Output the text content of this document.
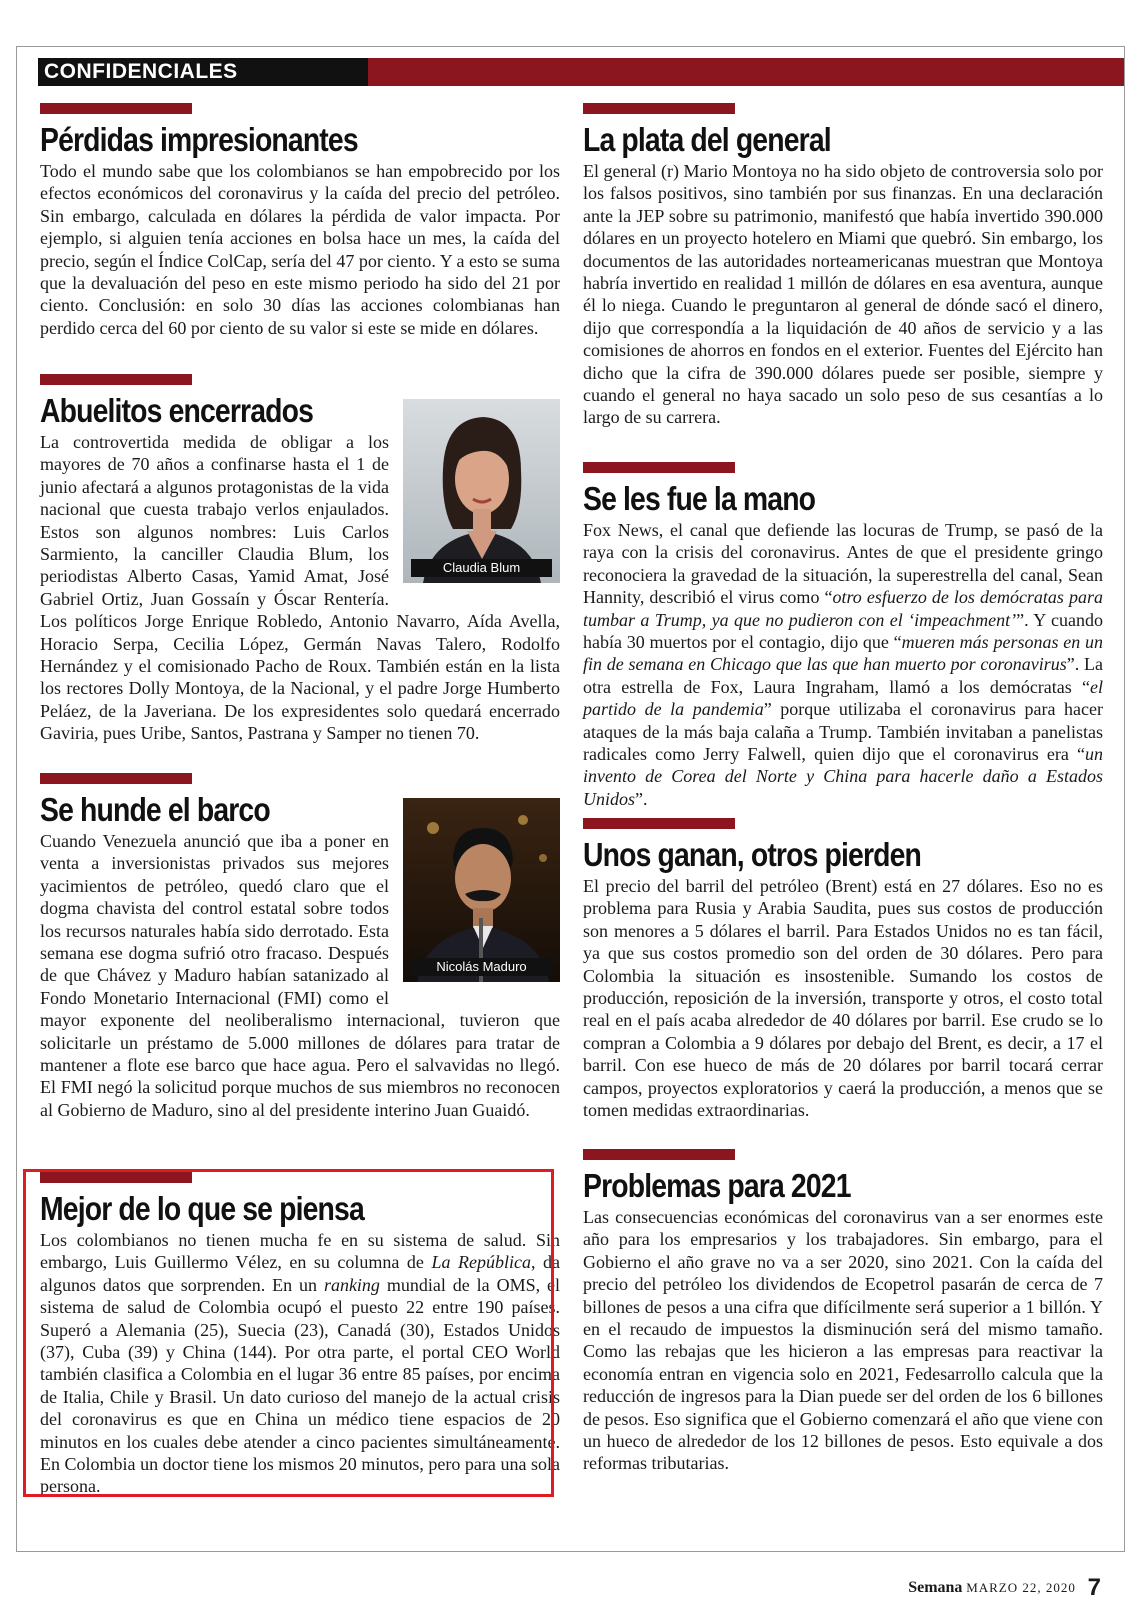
CONFIDENCIALES
Pérdidas impresionantes

Todo el mundo sabe que los colombianos se han empobrecido por los efectos económicos del coronavirus y la caída del precio del petróleo. Sin embargo, calculada en dólares la pérdida de valor impacta. Por ejemplo, si alguien tenía acciones en bolsa hace un mes, la caída del precio, según el Índice ColCap, sería del 47 por ciento. Y a esto se suma que la devaluación del peso en este mismo periodo ha sido del 21 por ciento. Conclusión: en solo 30 días las acciones colombianas han perdido cerca del 60 por ciento de su valor si este se mide en dólares.

Abuelitos encerrados
Claudia Blum

La controvertida medida de obligar a los mayores de 70 años a confinarse hasta el 1 de junio afectará a algunos protagonistas de la vida nacional que cuesta trabajo verlos enjaulados. Estos son algunos nombres: Luis Carlos Sarmiento, la canciller Claudia Blum, los periodistas Alberto Casas, Yamid Amat, José Gabriel Ortiz, Juan Gossaín y Óscar Rentería. Los políticos Jorge Enrique Robledo, Antonio Navarro, Aída Avella, Horacio Serpa, Cecilia López, Germán Navas Talero, Rodolfo Hernández y el comisionado Pacho de Roux. También están en la lista los rectores Dolly Montoya, de la Nacional, y el padre Jorge Humberto Peláez, de la Javeriana. De los expresidentes solo quedará encerrado Gaviria, pues Uribe, Santos, Pastrana y Samper no tienen 70.

Se hunde el barco
Nicolás Maduro

Cuando Venezuela anunció que iba a poner en venta a inversionistas privados sus mejores yacimientos de petróleo, quedó claro que el dogma chavista del control estatal sobre todos los recursos naturales había sido derrotado. Esta semana ese dogma sufrió otro fracaso. Después de que Chávez y Maduro habían satanizado al Fondo Monetario Internacional (FMI) como el mayor exponente del neoliberalismo internacional, tuvieron que solicitarle un préstamo de 5.000 millones de dólares para tratar de mantener a flote ese barco que hace agua. Pero el salvavidas no llegó. El FMI negó la solicitud porque muchos de sus miembros no reconocen al Gobierno de Maduro, sino al del presidente interino Juan Guaidó.

Mejor de lo que se piensa

Los colombianos no tienen mucha fe en su sistema de salud. Sin embargo, Luis Guillermo Vélez, en su columna de La República, da algunos datos que sorprenden. En un ranking mundial de la OMS, el sistema de salud de Colombia ocupó el puesto 22 entre 190 países. Superó a Alemania (25), Suecia (23), Canadá (30), Estados Unidos (37), Cuba (39) y China (144). Por otra parte, el portal CEO World también clasifica a Colombia en el lugar 36 entre 85 países, por encima de Italia, Chile y Brasil. Un dato curioso del manejo de la actual crisis del coronavirus es que en China un médico tiene espacios de 20 minutos en los cuales debe atender a cinco pacientes simultáneamente. En Colombia un doctor tiene los mismos 20 minutos, pero para una sola persona.

La plata del general

El general (r) Mario Montoya no ha sido objeto de controversia solo por los falsos positivos, sino también por sus finanzas. En una declaración ante la JEP sobre su patrimonio, manifestó que había invertido 390.000 dólares en un proyecto hotelero en Miami que quebró. Sin embargo, los documentos de las autoridades norteamericanas muestran que Montoya habría invertido en realidad 1 millón de dólares en esa aventura, aunque él lo niega. Cuando le preguntaron al general de dónde sacó el dinero, dijo que correspondía a la liquidación de 40 años de servicio y a las comisiones de ahorros en fondos en el exterior. Fuentes del Ejército han dicho que la cifra de 390.000 dólares puede ser posible, siempre y cuando el general no haya sacado un solo peso de sus cesantías a lo largo de su carrera.

Se les fue la mano

Fox News, el canal que defiende las locuras de Trump, se pasó de la raya con la crisis del coronavirus. Antes de que el presidente gringo reconociera la gravedad de la situación, la superestrella del canal, Sean Hannity, describió el virus como “otro esfuerzo de los demócratas para tumbar a Trump, ya que no pudieron con el ‘impeachment’”. Y cuando había 30 muertos por el contagio, dijo que “mueren más personas en un fin de semana en Chicago que las que han muerto por coronavirus”. La otra estrella de Fox, Laura Ingraham, llamó a los demócratas “el partido de la pandemia” porque utilizaba el coronavirus para hacer ataques de la más baja calaña a Trump. También invitaban a panelistas radicales como Jerry Falwell, quien dijo que el coronavirus era “un invento de Corea del Norte y China para hacerle daño a Estados Unidos”.

Unos ganan, otros pierden

El precio del barril del petróleo (Brent) está en 27 dólares. Eso no es problema para Rusia y Arabia Saudita, pues sus costos de producción son menores a 5 dólares el barril. Para Estados Unidos no es tan fácil, ya que sus costos promedio son del orden de 30 dólares. Pero para Colombia la situación es insostenible. Sumando los costos de producción, reposición de la inversión, transporte y otros, el costo total real en el país acaba alrededor de 40 dólares por barril. Ese crudo se lo compran a Colombia a 9 dólares por debajo del Brent, es decir, a 17 el barril. Con ese hueco de más de 20 dólares por barril tocará cerrar campos, proyectos exploratorios y caerá la producción, a menos que se tomen medidas extraordinarias.

Problemas para 2021

Las consecuencias económicas del coronavirus van a ser enormes este año para los empresarios y los trabajadores. Sin embargo, para el Gobierno el año grave no va a ser 2020, sino 2021. Con la caída del precio del petróleo los dividendos de Ecopetrol pasarán de cerca de 7 billones de pesos a una cifra que difícilmente será superior a 1 billón. Y en el recaudo de impuestos la disminución será del mismo tamaño. Como las rebajas que les hicieron a las empresas para reactivar la economía entran en vigencia solo en 2021, Fedesarrollo calcula que la reducción de ingresos para la Dian puede ser del orden de los 6 billones de pesos. Eso significa que el Gobierno comenzará el año que viene con un hueco de alrededor de los 12 billones de pesos. Esto equivale a dos reformas tributarias.

Semana MARZO 22, 2020 7
